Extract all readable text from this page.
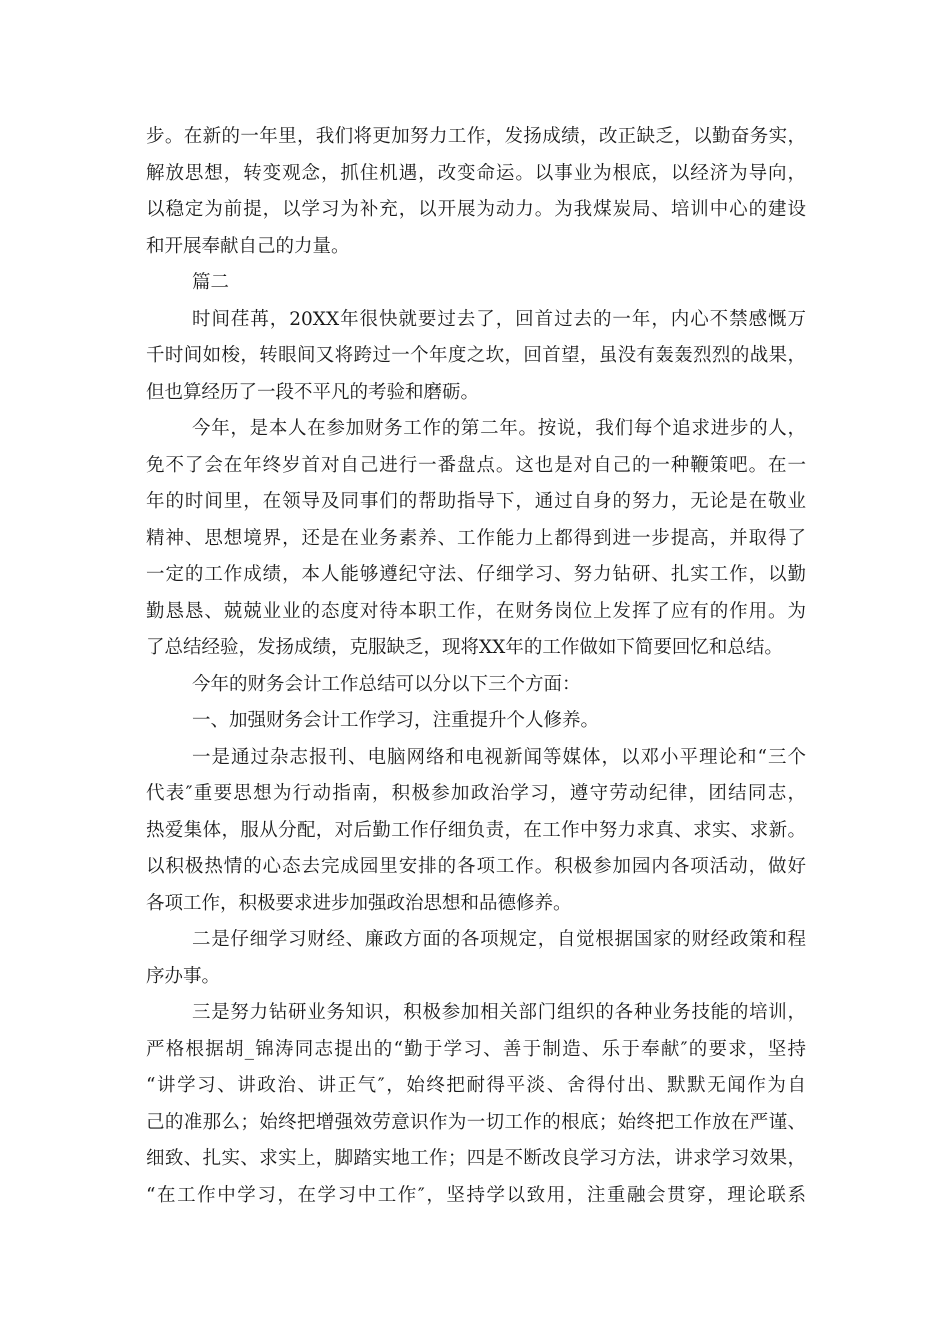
步。在新的一年里，我们将更加努力工作，发扬成绩，改正缺乏，以勤奋务实，
解放思想，转变观念，抓住机遇，改变命运。以事业为根底，以经济为导向，
以稳定为前提，以学习为补充，以开展为动力。为我煤炭局、培训中心的建设
和开展奉献自己的力量。
篇二
时间荏苒，20XX年很快就要过去了，回首过去的一年，内心不禁感慨万
千时间如梭，转眼间又将跨过一个年度之坎，回首望，虽没有轰轰烈烈的战果，
但也算经历了一段不平凡的考验和磨砺。
今年，是本人在参加财务工作的第二年。按说，我们每个追求进步的人，
免不了会在年终岁首对自己进行一番盘点。这也是对自己的一种鞭策吧。在一
年的时间里，在领导及同事们的帮助指导下，通过自身的努力，无论是在敬业
精神、思想境界，还是在业务素养、工作能力上都得到进一步提高，并取得了
一定的工作成绩，本人能够遵纪守法、仔细学习、努力钻研、扎实工作，以勤
勤恳恳、兢兢业业的态度对待本职工作，在财务岗位上发挥了应有的作用。为
了总结经验，发扬成绩，克服缺乏，现将XX年的工作做如下简要回忆和总结。
今年的财务会计工作总结可以分以下三个方面：
一、加强财务会计工作学习，注重提升个人修养。
一是通过杂志报刊、电脑网络和电视新闻等媒体，以邓小平理论和“三个
代表″重要思想为行动指南，积极参加政治学习，遵守劳动纪律，团结同志，
热爱集体，服从分配，对后勤工作仔细负责，在工作中努力求真、求实、求新。
以积极热情的心态去完成园里安排的各项工作。积极参加园内各项活动，做好
各项工作，积极要求进步加强政治思想和品德修养。
二是仔细学习财经、廉政方面的各项规定，自觉根据国家的财经政策和程
序办事。
三是努力钻研业务知识，积极参加相关部门组织的各种业务技能的培训，
严格根据胡_锦涛同志提出的“勤于学习、善于制造、乐于奉献″的要求，坚持
“讲学习、讲政治、讲正气″，始终把耐得平淡、舍得付出、默默无闻作为自
己的准那么；始终把增强效劳意识作为一切工作的根底；始终把工作放在严谨、
细致、扎实、求实上，脚踏实地工作；四是不断改良学习方法，讲求学习效果，
“在工作中学习，在学习中工作″，坚持学以致用，注重融会贯穿，理论联系
